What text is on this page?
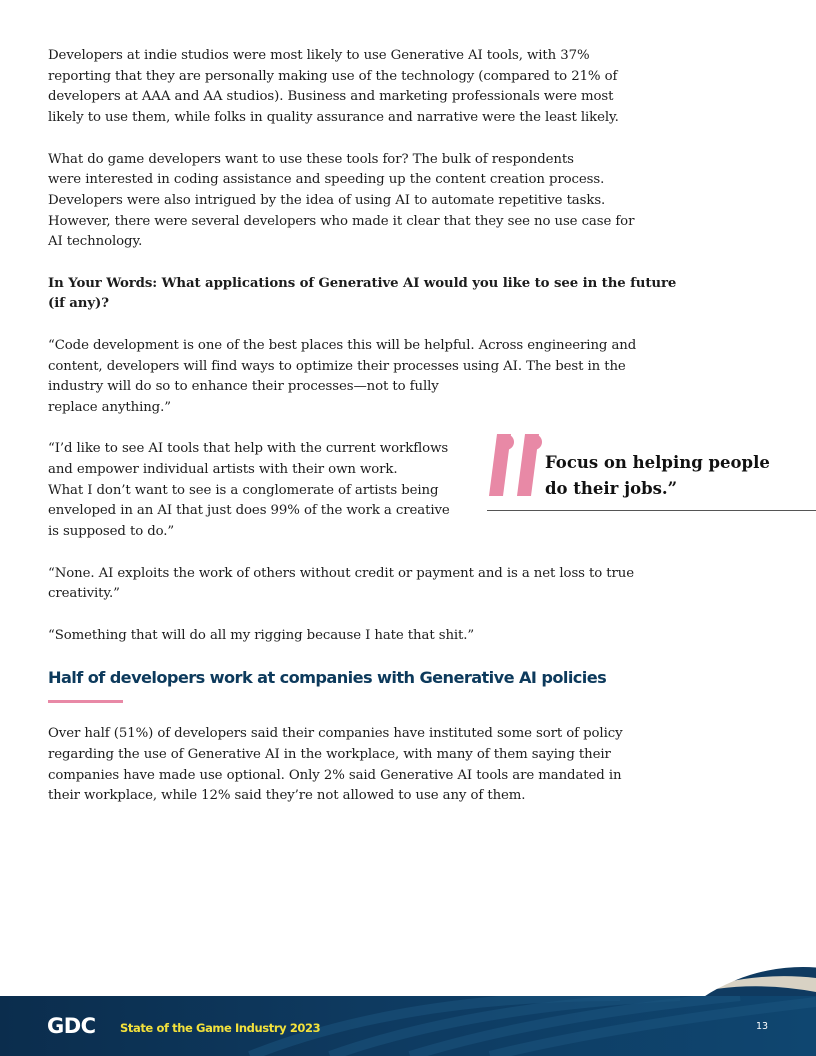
Developers at indie studios were most likely to use Generative AI tools, with 37%
reporting that they are personally making use of the technology (compared to 21% of
developers at AAA and AA studios). Business and marketing professionals were most
likely to use them, while folks in quality assurance and narrative were the least likely.

What do game developers want to use these tools for? The bulk of respondents
were interested in coding assistance and speeding up the content creation process.
Developers were also intrigued by the idea of using AI to automate repetitive tasks.
However, there were several developers who made it clear that they see no use case for
AI technology.

In Your Words: What applications of Generative AI would you like to see in the future
(if any)?

“Code development is one of the best places this will be helpful. Across engineering and
content, developers will find ways to optimize their processes using AI. The best in the
industry will do so to enhance their processes—not to fully
replace anything.”

“I’d like to see AI tools that help with the current workflows
and empower individual artists with their own work.
What I don’t want to see is a conglomerate of artists being
enveloped in an AI that just does 99% of the work a creative
is supposed to do.”

“None. AI exploits the work of others without credit or payment and is a net loss to true
creativity.”

“Something that will do all my rigging because I hate that shit.”

Half of developers work at companies with Generative AI policies

Over half (51%) of developers said their companies have instituted some sort of policy
regarding the use of Generative AI in the workplace, with many of them saying their
companies have made use optional. Only 2% said Generative AI tools are mandated in
their workplace, while 12% said they’re not allowed to use any of them.

Focus on helping people
do their jobs.”
GDC State of the Game Industry 2023	13
